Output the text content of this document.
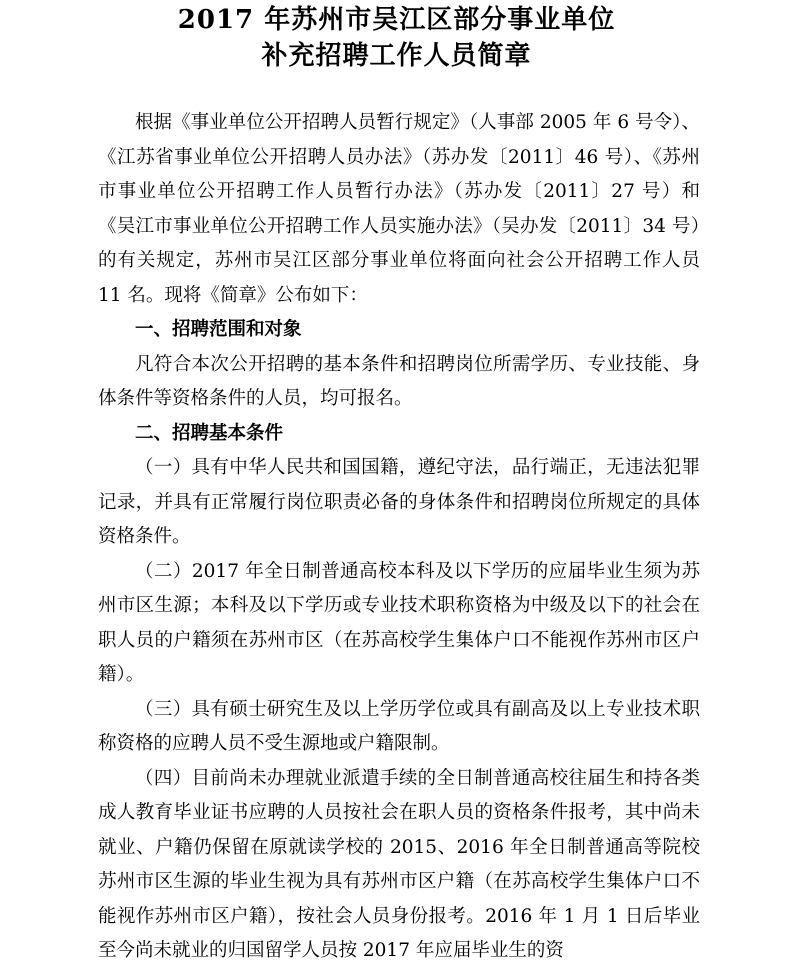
2017 年苏州市吴江区部分事业单位
补充招聘工作人员简章

根据《事业单位公开招聘人员暂行规定》（人事部 2005 年 6 号令）、《江苏省事业单位公开招聘人员办法》（苏办发〔2011〕46 号）、《苏州市事业单位公开招聘工作人员暂行办法》（苏办发〔2011〕27 号）和《吴江市事业单位公开招聘工作人员实施办法》（吴办发〔2011〕34 号）的有关规定，苏州市吴江区部分事业单位将面向社会公开招聘工作人员 11 名。现将《简章》公布如下：

一、招聘范围和对象

凡符合本次公开招聘的基本条件和招聘岗位所需学历、专业技能、身体条件等资格条件的人员，均可报名。

二、招聘基本条件

（一）具有中华人民共和国国籍，遵纪守法，品行端正，无违法犯罪记录，并具有正常履行岗位职责必备的身体条件和招聘岗位所规定的具体资格条件。

（二）2017 年全日制普通高校本科及以下学历的应届毕业生须为苏州市区生源；本科及以下学历或专业技术职称资格为中级及以下的社会在职人员的户籍须在苏州市区（在苏高校学生集体户口不能视作苏州市区户籍）。

（三）具有硕士研究生及以上学历学位或具有副高及以上专业技术职称资格的应聘人员不受生源地或户籍限制。

（四）目前尚未办理就业派遣手续的全日制普通高校往届生和持各类成人教育毕业证书应聘的人员按社会在职人员的资格条件报考，其中尚未就业、户籍仍保留在原就读学校的 2015、2016 年全日制普通高等院校苏州市区生源的毕业生视为具有苏州市区户籍（在苏高校学生集体户口不能视作苏州市区户籍），按社会人员身份报考。2016 年 1 月 1 日后毕业至今尚未就业的归国留学人员按 2017 年应届毕业生的资
